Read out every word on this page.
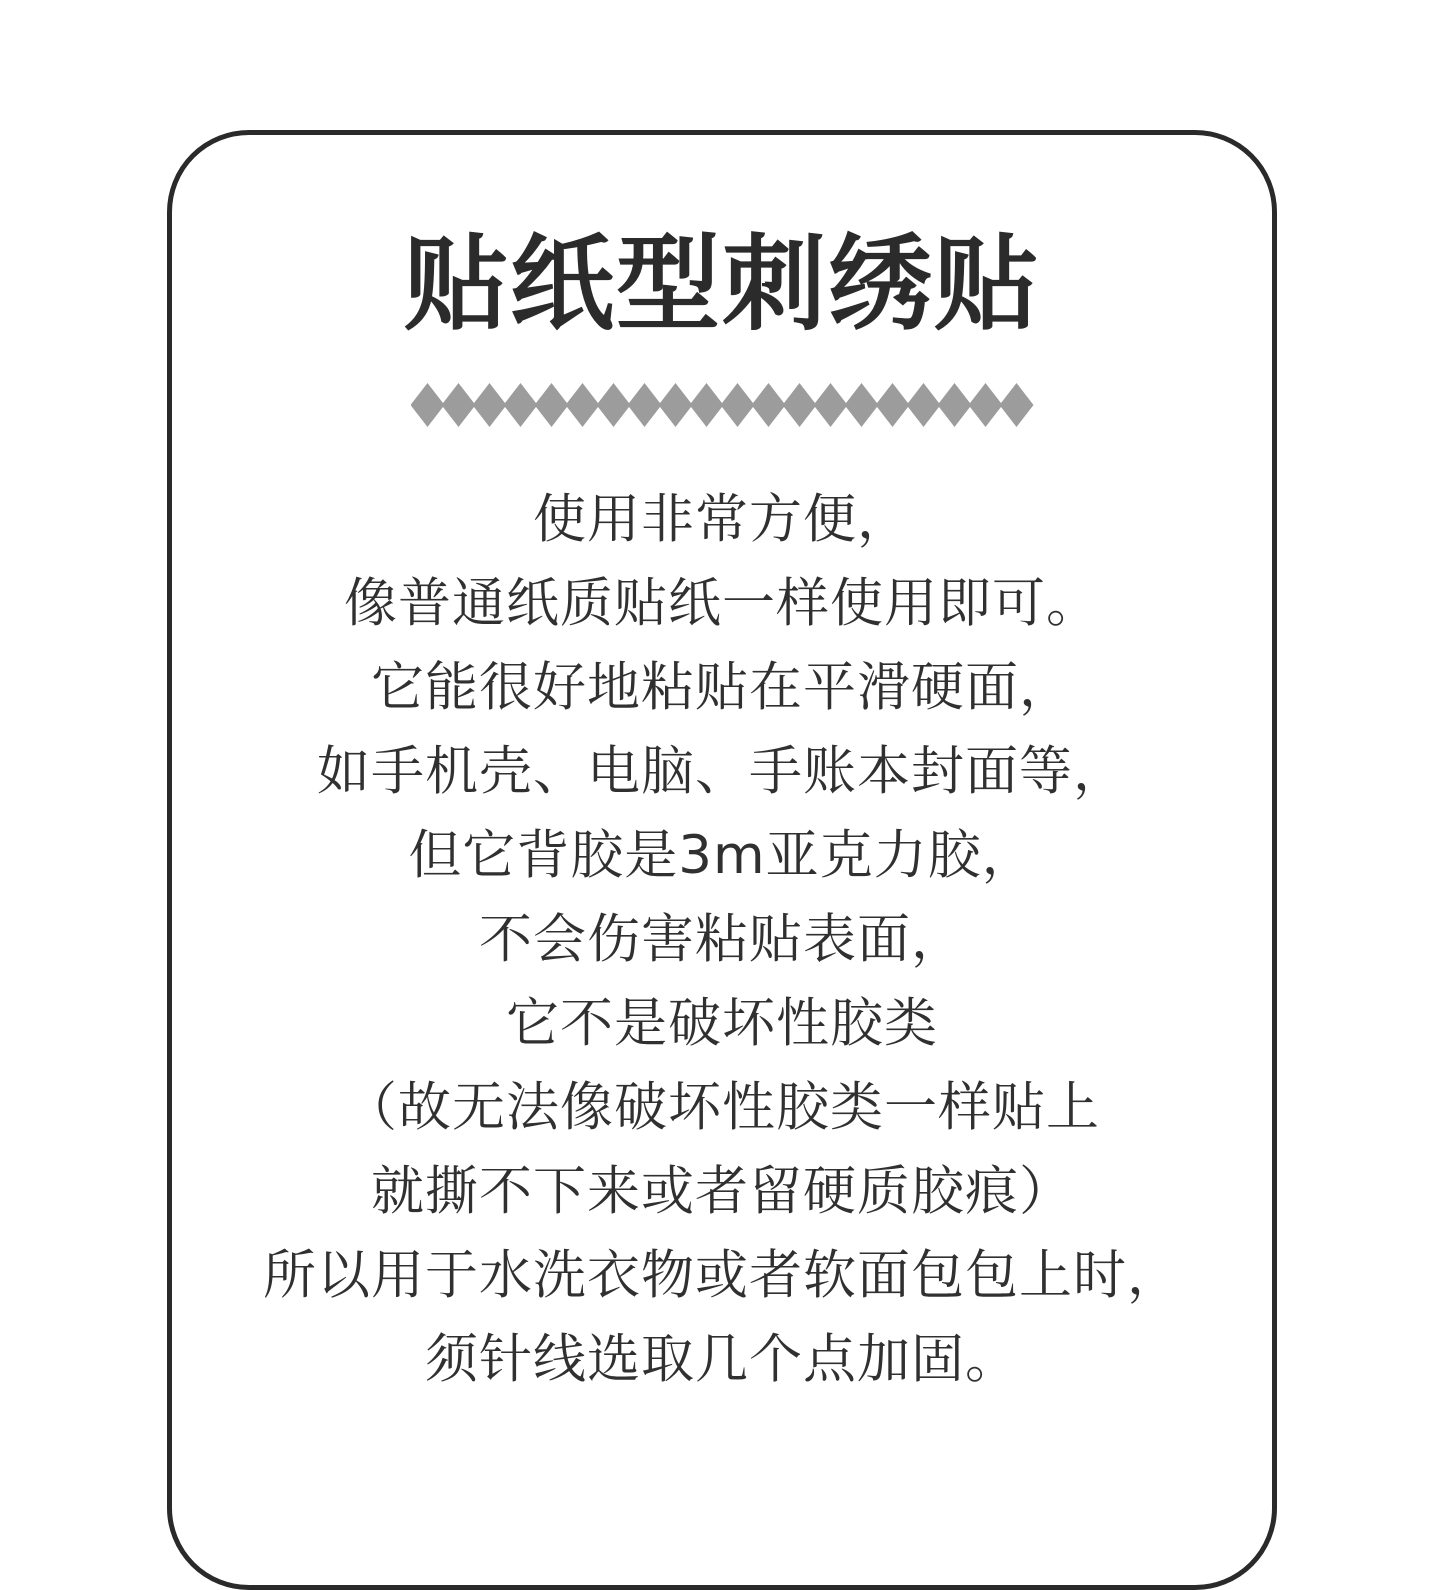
贴纸型刺绣贴

使用非常方便，

像普通纸质贴纸一样使用即可。

它能很好地粘贴在平滑硬面，

如手机壳、电脑、手账本封面等，

但它背胶是3m亚克力胶，

不会伤害粘贴表面，

它不是破坏性胶类

（故无法像破坏性胶类一样贴上

就撕不下来或者留硬质胶痕）

所以用于水洗衣物或者软面包包上时，

须针线选取几个点加固。
